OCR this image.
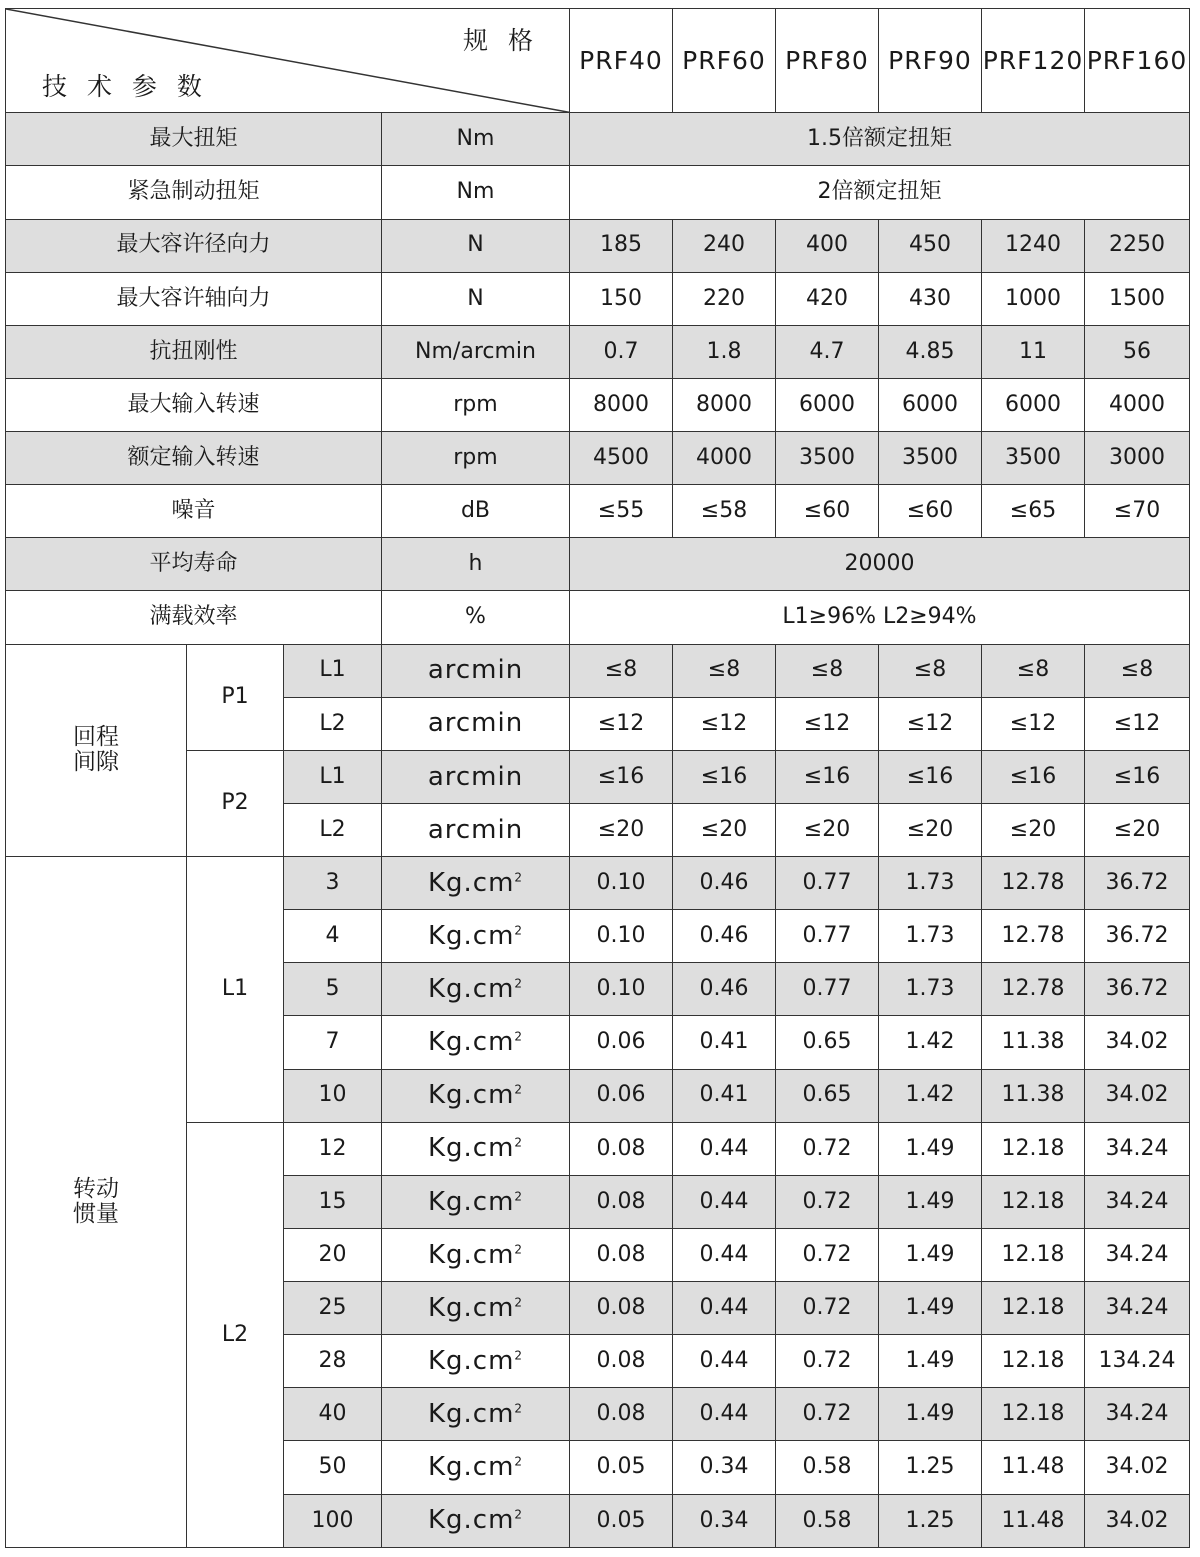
规 格
技 术 参 数				PRF40	PRF60	PRF80	PRF90	PRF120	PRF160
最大扭矩			Nm	1.5倍额定扭矩					
紧急制动扭矩			Nm	2倍额定扭矩					
最大容许径向力			N	185	240	400	450	1240	2250
最大容许轴向力			N	150	220	420	430	1000	1500
抗扭刚性			Nm/arcmin	0.7	1.8	4.7	4.85	11	56
最大输入转速			rpm	8000	8000	6000	6000	6000	4000
额定输入转速			rpm	4500	4000	3500	3500	3500	3000
噪音			dB	≤55	≤58	≤60	≤60	≤65	≤70
平均寿命			h	20000					
满载效率			%	L1≥96% L2≥94%					
回程
间隙	P1	L1	arcmin	≤8	≤8	≤8	≤8	≤8	≤8
		L2	arcmin	≤12	≤12	≤12	≤12	≤12	≤12
	P2	L1	arcmin	≤16	≤16	≤16	≤16	≤16	≤16
		L2	arcmin	≤20	≤20	≤20	≤20	≤20	≤20
转动
惯量	L1	3	$Kg.cm^2$	0.10	0.46	0.77	1.73	12.78	36.72
		4	$Kg.cm^2$	0.10	0.46	0.77	1.73	12.78	36.72
		5	$Kg.cm^2$	0.10	0.46	0.77	1.73	12.78	36.72
		7	$Kg.cm^2$	0.06	0.41	0.65	1.42	11.38	34.02
		10	$Kg.cm^2$	0.06	0.41	0.65	1.42	11.38	34.02
	L2	12	$Kg.cm^2$	0.08	0.44	0.72	1.49	12.18	34.24
		15	$Kg.cm^2$	0.08	0.44	0.72	1.49	12.18	34.24
		20	$Kg.cm^2$	0.08	0.44	0.72	1.49	12.18	34.24
		25	$Kg.cm^2$	0.08	0.44	0.72	1.49	12.18	34.24
		28	$Kg.cm^2$	0.08	0.44	0.72	1.49	12.18	134.24
		40	$Kg.cm^2$	0.08	0.44	0.72	1.49	12.18	34.24
		50	$Kg.cm^2$	0.05	0.34	0.58	1.25	11.48	34.02
		100	$Kg.cm^2$	0.05	0.34	0.58	1.25	11.48	34.02
